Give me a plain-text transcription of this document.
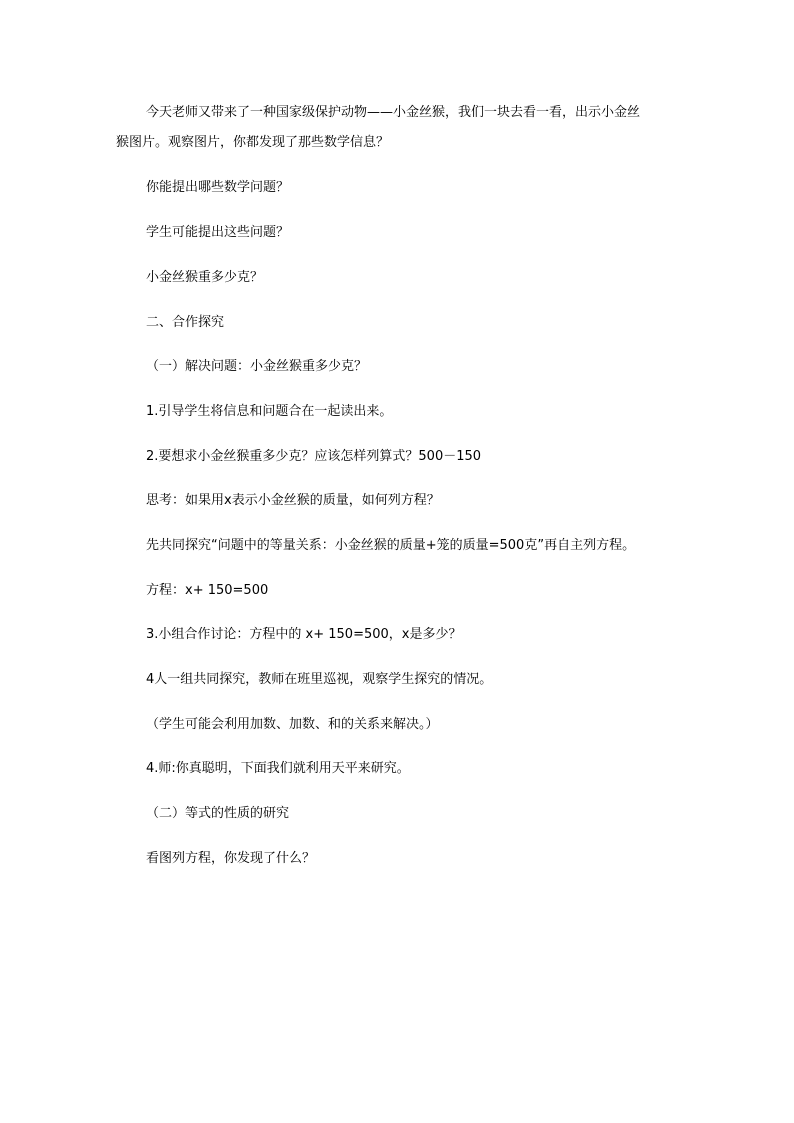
今天老师又带来了一种国家级保护动物——小金丝猴，我们一块去看一看，出示小金丝
猴图片。观察图片，你都发现了那些数学信息？
你能提出哪些数学问题？
学生可能提出这些问题？
小金丝猴重多少克？
二、合作探究
（一）解决问题：小金丝猴重多少克？
1.引导学生将信息和问题合在一起读出来。
2.要想求小金丝猴重多少克？应该怎样列算式？500－150
思考：如果用x表示小金丝猴的质量，如何列方程？
先共同探究“问题中的等量关系：小金丝猴的质量+笼的质量=500克”再自主列方程。
方程：x+ 150=500
3.小组合作讨论：方程中的 x+ 150=500，x是多少？
4人一组共同探究，教师在班里巡视，观察学生探究的情况。
（学生可能会利用加数、加数、和的关系来解决。）
4.师:你真聪明，下面我们就利用天平来研究。
（二）等式的性质的研究
看图列方程，你发现了什么？
